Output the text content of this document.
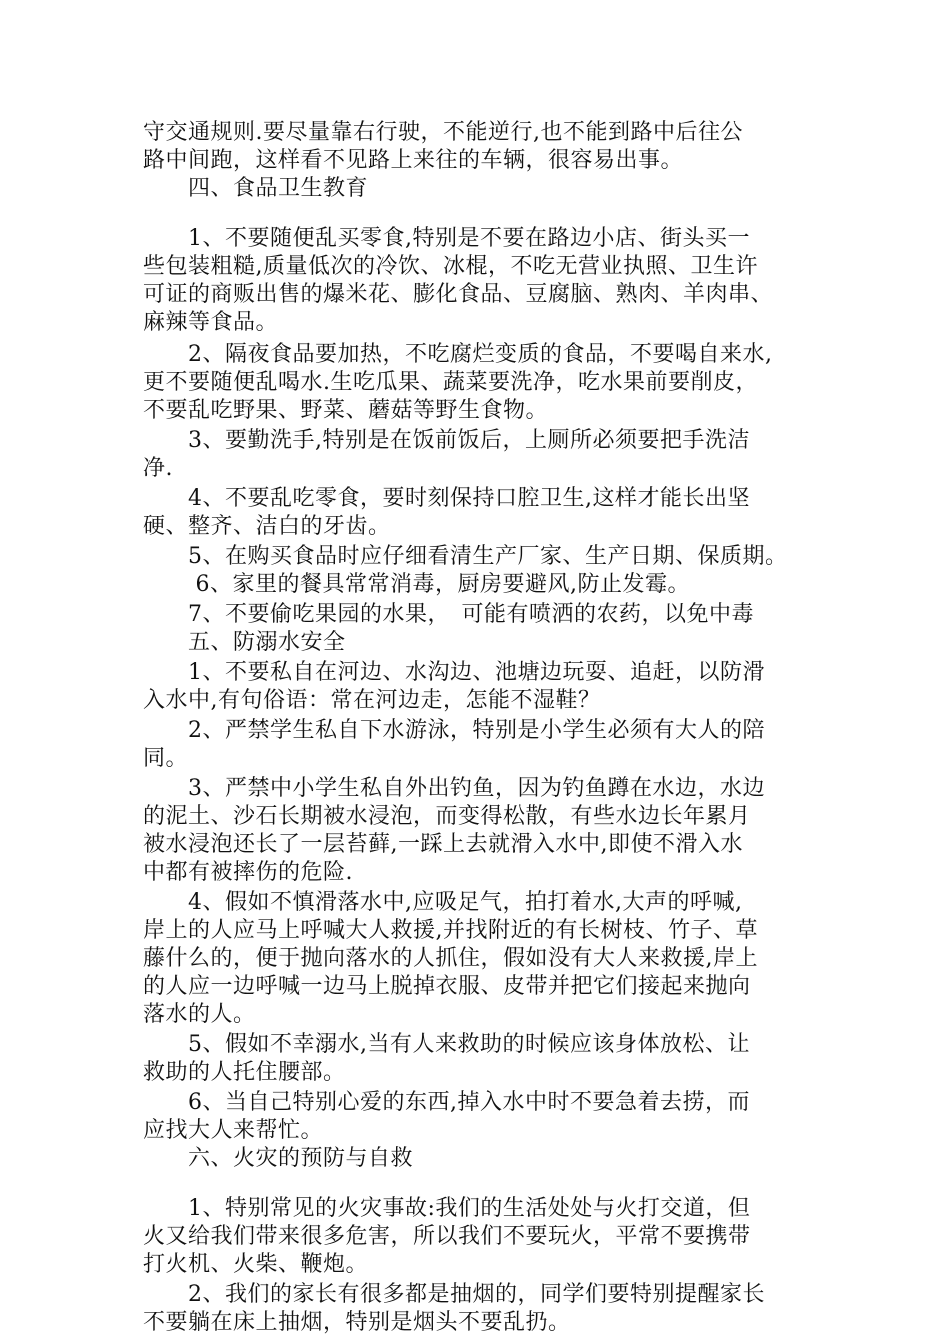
守交通规则.要尽量靠右行驶，不能逆行,也不能到路中后往公
路中间跑，这样看不见路上来往的车辆，很容易出事。
　　四、食品卫生教育
　　1、不要随便乱买零食,特别是不要在路边小店、街头买一
些包装粗糙,质量低次的冷饮、冰棍，不吃无营业执照、卫生许
可证的商贩出售的爆米花、膨化食品、豆腐脑、熟肉、羊肉串、
麻辣等食品。
　　2、隔夜食品要加热，不吃腐烂变质的食品，不要喝自来水,
更不要随便乱喝水.生吃瓜果、蔬菜要洗净，吃水果前要削皮，
不要乱吃野果、野菜、蘑菇等野生食物。
　　3、要勤洗手,特别是在饭前饭后，上厕所必须要把手洗洁
净.
　　4、不要乱吃零食，要时刻保持口腔卫生,这样才能长出坚
硬、整齐、洁白的牙齿。
　　5、在购买食品时应仔细看清生产厂家、生产日期、保质期。
　　 6、家里的餐具常常消毒，厨房要避风,防止发霉。
　　7、不要偷吃果园的水果，　可能有喷洒的农药，以免中毒
　　五、防溺水安全
　　1、不要私自在河边、水沟边、池塘边玩耍、追赶，以防滑
入水中,有句俗语：常在河边走，怎能不湿鞋？
　　2、严禁学生私自下水游泳，特别是小学生必须有大人的陪
同。
　　3、严禁中小学生私自外出钓鱼，因为钓鱼蹲在水边，水边
的泥土、沙石长期被水浸泡，而变得松散，有些水边长年累月
被水浸泡还长了一层苔藓,一踩上去就滑入水中,即使不滑入水
中都有被摔伤的危险.
　　4、假如不慎滑落水中,应吸足气，拍打着水,大声的呼喊,
岸上的人应马上呼喊大人救援,并找附近的有长树枝、竹子、草
藤什么的，便于抛向落水的人抓住，假如没有大人来救援,岸上
的人应一边呼喊一边马上脱掉衣服、皮带并把它们接起来抛向
落水的人。
　　5、假如不幸溺水,当有人来救助的时候应该身体放松、让
救助的人托住腰部。
　　6、当自己特别心爱的东西,掉入水中时不要急着去捞，而
应找大人来帮忙。
　　六、火灾的预防与自救
　　1、特别常见的火灾事故:我们的生活处处与火打交道，但
火又给我们带来很多危害，所以我们不要玩火，平常不要携带
打火机、火柴、鞭炮。
　　2、我们的家长有很多都是抽烟的，同学们要特别提醒家长
不要躺在床上抽烟，特别是烟头不要乱扔。
